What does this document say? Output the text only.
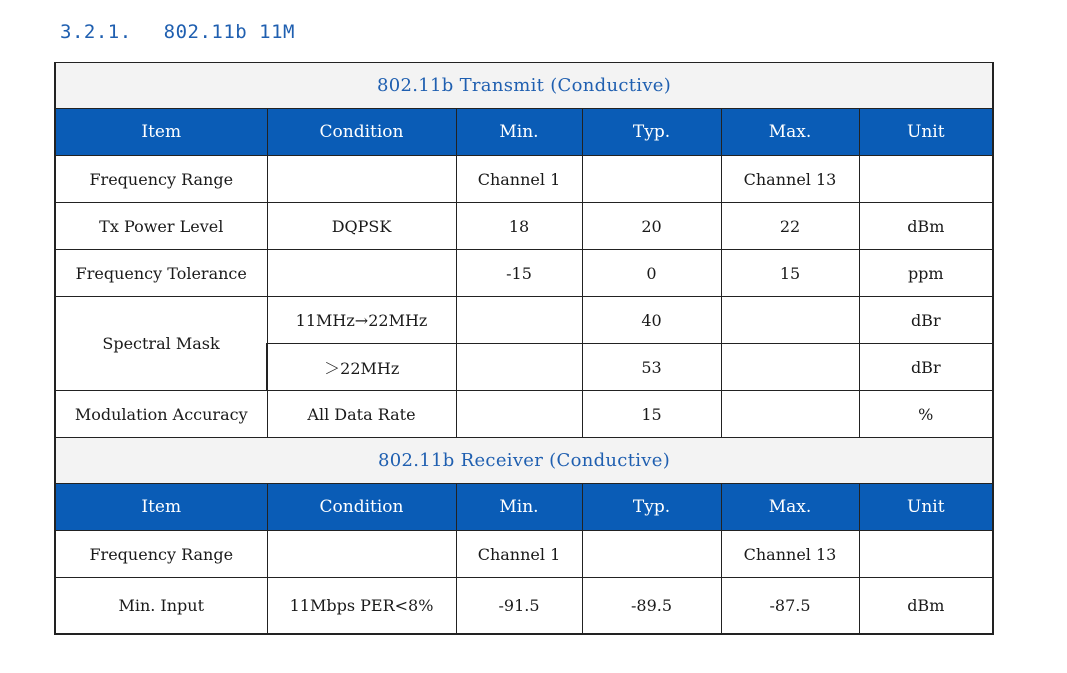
3.2.1. 802.11b 11M
802.11b Transmit (Conductive)					
Item	Condition	Min.	Typ.	Max.	Unit
Frequency Range		Channel 1		Channel 13	
Tx Power Level	DQPSK	18	20	22	dBm
Frequency Tolerance		-15	0	15	ppm
Spectral Mask	11MHz→22MHz		40		dBr
	＞22MHz		53		dBr
Modulation Accuracy	All Data Rate		15		%
802.11b Receiver (Conductive)					
Item	Condition	Min.	Typ.	Max.	Unit
Frequency Range		Channel 1		Channel 13	
Min. Input	11Mbps PER<8%	-91.5	-89.5	-87.5	dBm
